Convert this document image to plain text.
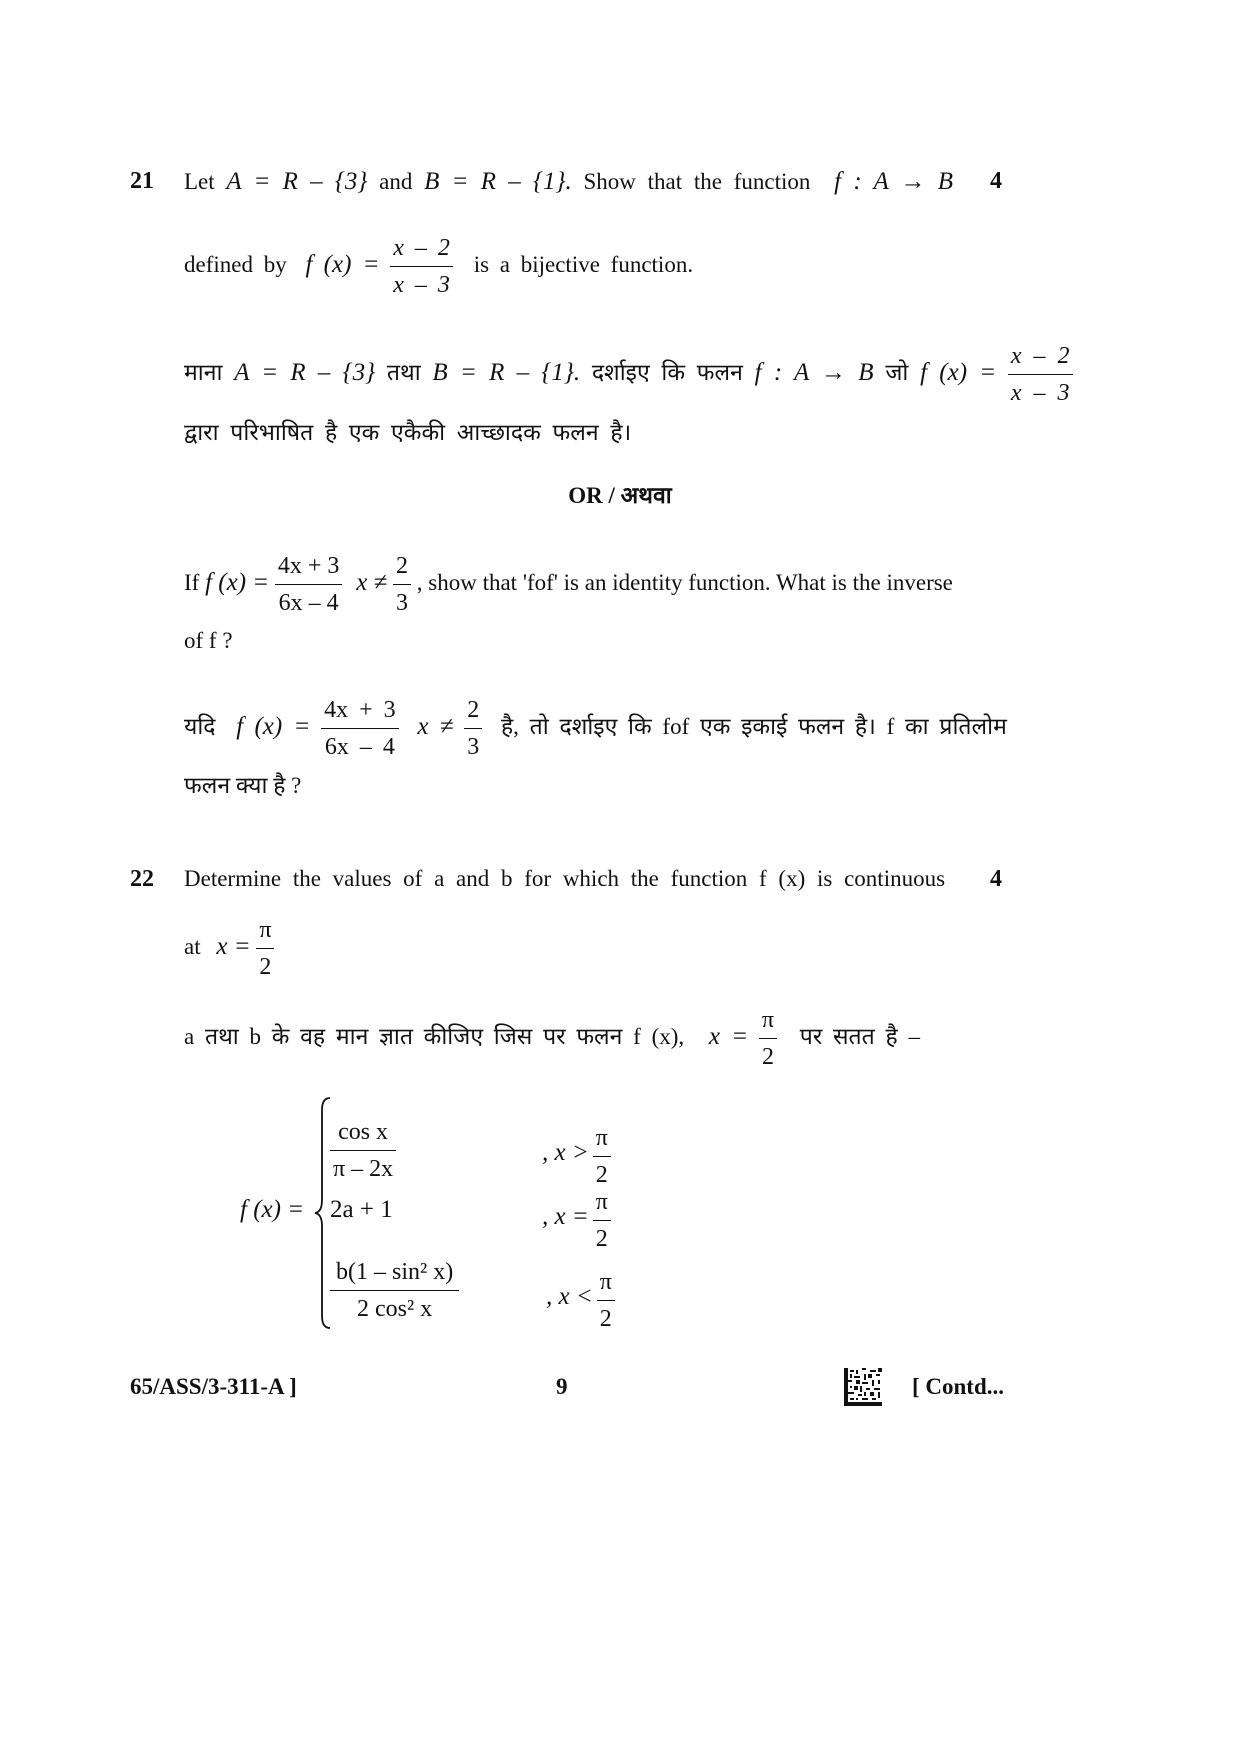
21	4
Let A = R – {3} and B = R – {1}. Show that the function f : A → B
defined by f $(x) = \frac{x - 2}{x - 3}$ is a bijective function.
माना A = R – {3} तथा B = R – {1}. दर्शाइए कि फलन f : A → B जो f $(x) = \frac{x - 2}{x - 3}$
द्वारा परिभाषित है एक एकैकी आच्छादक फलन है।
OR / अथवा
If f $(x) = \frac{4x + 3}{6x - 4}$ $x \ne \frac{2}{3}$ , show that 'fof' is an identity function. What is the inverse
of f ?
यदि f $(x) = \frac{4x + 3}{6x - 4}$ $x \ne \frac{2}{3}$ है, तो दर्शाइए कि fof एक इकाई फलन है। f का प्रतिलोम
फलन क्या है ?
22	4
Determine the values of a and b for which the function f (x) is continuous
at $x = \frac{\pi}{2}$
a तथा b के वह मान ज्ञात कीजिए जिस पर फलन f (x), $x = \frac{\pi}{2}$ पर सतत है –
f (x) =
$\frac{\text{cos x}}{\pi - 2x}$	, $x > \frac{\pi}{2}$
2a + 1	, $x = \frac{\pi}{2}$
$\frac{\text{b(1 – sin² x)}}{\text{2 cos² x}}$	, $x < \frac{\pi}{2}$
65/ASS/3-311-A ]	9	[ Contd...
